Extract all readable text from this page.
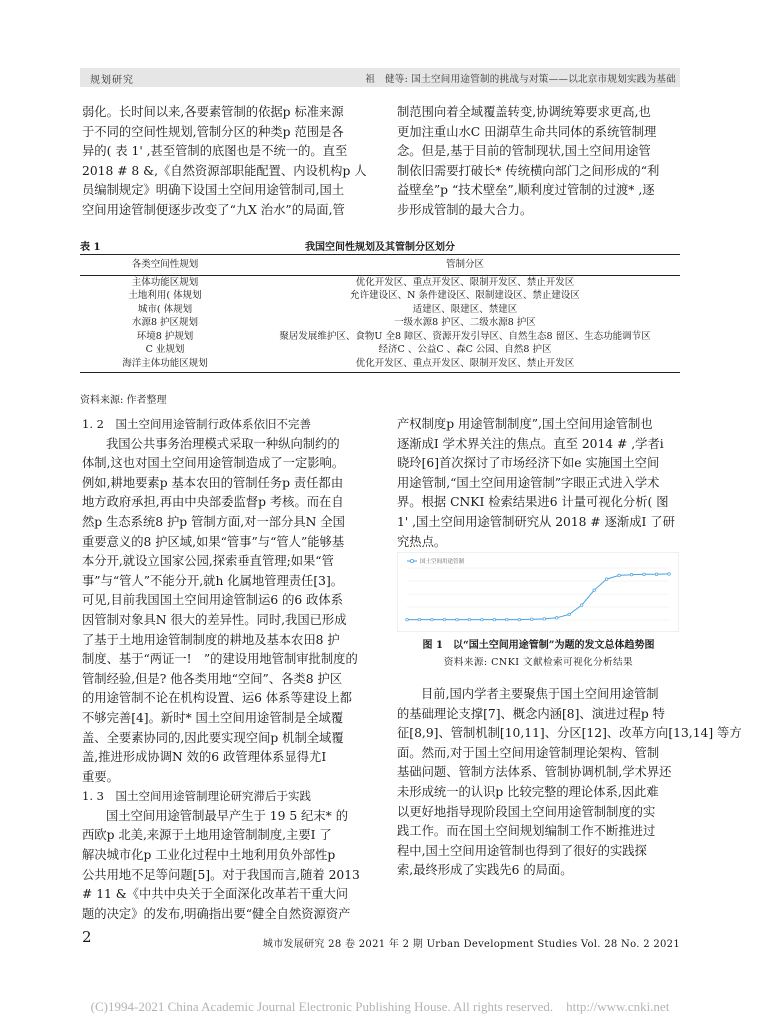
规划研究	祖　健等: 国土空间用途管制的挑战与对策——以北京市规划实践为基础

弱化。长时间以来,各要素管制的依据p 标准来源

于不同的空间性规划,管制分区的种类p 范围是各

异的( 表 1' ,甚至管制的底图也是不统一的。直至

2018 # 8 &,《自然资源部职能配置、内设机构p 人

员编制规定》明确下设国土空间用途管制司,国土

空间用途管制便逐步改变了“九X 治水”的局面,管

制范围向着全域覆盖转变,协调统筹要求更高,也

更加注重山水C 田湖草生命共同体的系统管制理

念。但是,基于目前的管制现状,国土空间用途管

制依旧需要打破长* 传统横向部门之间形成的“利

益壁垒”p “技术壁垒”,顺利度过管制的过渡* ,逐

步形成管制的最大合力。

表 1	我国空间性规划及其管制分区划分
各类空间性规划	管制分区
主体功能区规划	优化开发区、重点开发区、限制开发区、禁止开发区
土地利用( 体规划	允许建设区、N 条件建设区、限制建设区、禁止建设区
城市( 体规划	适建区、限建区、禁建区
水源8 护区规划	一级水源8 护区、二级水源8 护区
环境8 护规划	聚居发展维护区、食物U 全8 障区、资源开发引导区、自然生态8 留区、生态功能调节区
C 业规划	经济C 、公益C 、森C 公园、自然8 护区
海洋主体功能区规划	优化开发区、重点开发区、限制开发区、禁止开发区
资料来源: 作者整理

1. 2　国土空间用途管制行政体系依旧不完善

我国公共事务治理模式采取一种纵向制约的

体制,这也对国土空间用途管制造成了一定影响。

例如,耕地要素p 基本农田的管制任务p 责任都由

地方政府承担,再由中央部委监督p 考核。而在自

然p 生态系统8 护p 管制方面,对一部分具N 全国

重要意义的8 护区域,如果“管事”与“管人”能够基

本分开,就设立国家公园,探索垂直管理;如果“管

事”与“管人”不能分开,就h 化属地管理责任[3]。

可见,目前我国国土空间用途管制运6 的6 政体系

因管制对象具N 很大的差异性。同时,我国已形成

了基于土地用途管制制度的耕地及基本农田8 护

制度、基于“两证一!　”的建设用地管制审批制度的

管制经验,但是? 他各类用地“空间”、各类8 护区

的用途管制不论在机构设置、运6 体系等建设上都

不够完善[4]。新时* 国土空间用途管制是全域覆

盖、全要素协同的,因此要实现空间p 机制全域覆

盖,推进形成协调N 效的6 政管理体系显得尤I

重要。

1. 3　国土空间用途管制理论研究滞后于实践

国土空间用途管制最早产生于 19 5 纪末* 的

西欧p 北美,来源于土地用途管制制度,主要I 了

解决城市化p 工业化过程中土地利用负外部性p

公共用地不足等问题[5]。对于我国而言,随着 2013

# 11 &《中共中央关于全面深化改革若干重大问

题的决定》的发布,明确指出要“健全自然资源资产

产权制度p 用途管制制度”,国土空间用途管制也

逐渐成I 学术界关注的焦点。直至 2014 # ,学者i

晓玲[6]首次探讨了市场经济下如e 实施国土空间

用途管制,“国土空间用途管制”字眼正式进入学术

界。根据 CNKI 检索结果进6 计量可视化分析( 图

1' ,国土空间用途管制研究从 2018 # 逐渐成I 了研

究热点。

国土空间用途管制
图 1　以“国土空间用途管制”为题的发文总体趋势图
资料来源: CNKI 文献检索可视化分析结果

目前,国内学者主要聚焦于国土空间用途管制

的基础理论支撑[7]、概念内涵[8]、演进过程p 特

征[8,9]、管制机制[10,11]、分区[12]、改革方向[13,14] 等方

面。然而,对于国土空间用途管制理论架构、管制

基础问题、管制方法体系、管制协调机制,学术界还

未形成统一的认识p 比较完整的理论体系,因此难

以更好地指导现阶段国土空间用途管制制度的实

践工作。而在国土空间规划编制工作不断推进过

程中,国土空间用途管制也得到了很好的实践探

索,最终形成了实践先6 的局面。

2	城市发展研究 28 卷 2021 年 2 期 Urban Development Studies Vol. 28 No. 2 2021
(C)1994-2021 China Academic Journal Electronic Publishing House. All rights reserved.　http://www.cnki.net
